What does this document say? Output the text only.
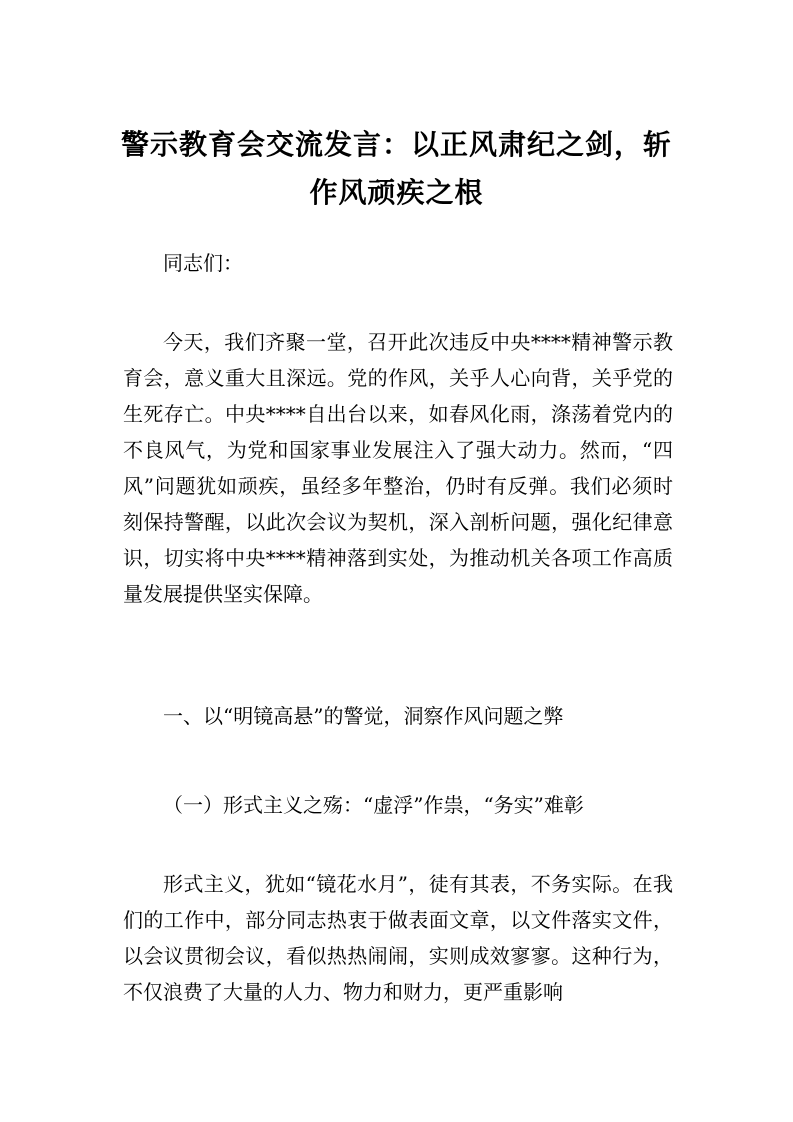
警示教育会交流发言：以正风肃纪之剑，斩作风顽疾之根

同志们：

今天，我们齐聚一堂，召开此次违反中央****精神警示教育会，意义重大且深远。党的作风，关乎人心向背，关乎党的生死存亡。中央****自出台以来，如春风化雨，涤荡着党内的不良风气，为党和国家事业发展注入了强大动力。然而，“四风”问题犹如顽疾，虽经多年整治，仍时有反弹。我们必须时刻保持警醒，以此次会议为契机，深入剖析问题，强化纪律意识，切实将中央****精神落到实处，为推动机关各项工作高质量发展提供坚实保障。

一、以“明镜高悬”的警觉，洞察作风问题之弊

（一）形式主义之殇：“虚浮”作祟，“务实”难彰

形式主义，犹如“镜花水月”，徒有其表，不务实际。在我们的工作中，部分同志热衷于做表面文章，以文件落实文件，以会议贯彻会议，看似热热闹闹，实则成效寥寥。这种行为，不仅浪费了大量的人力、物力和财力，更严重影响
